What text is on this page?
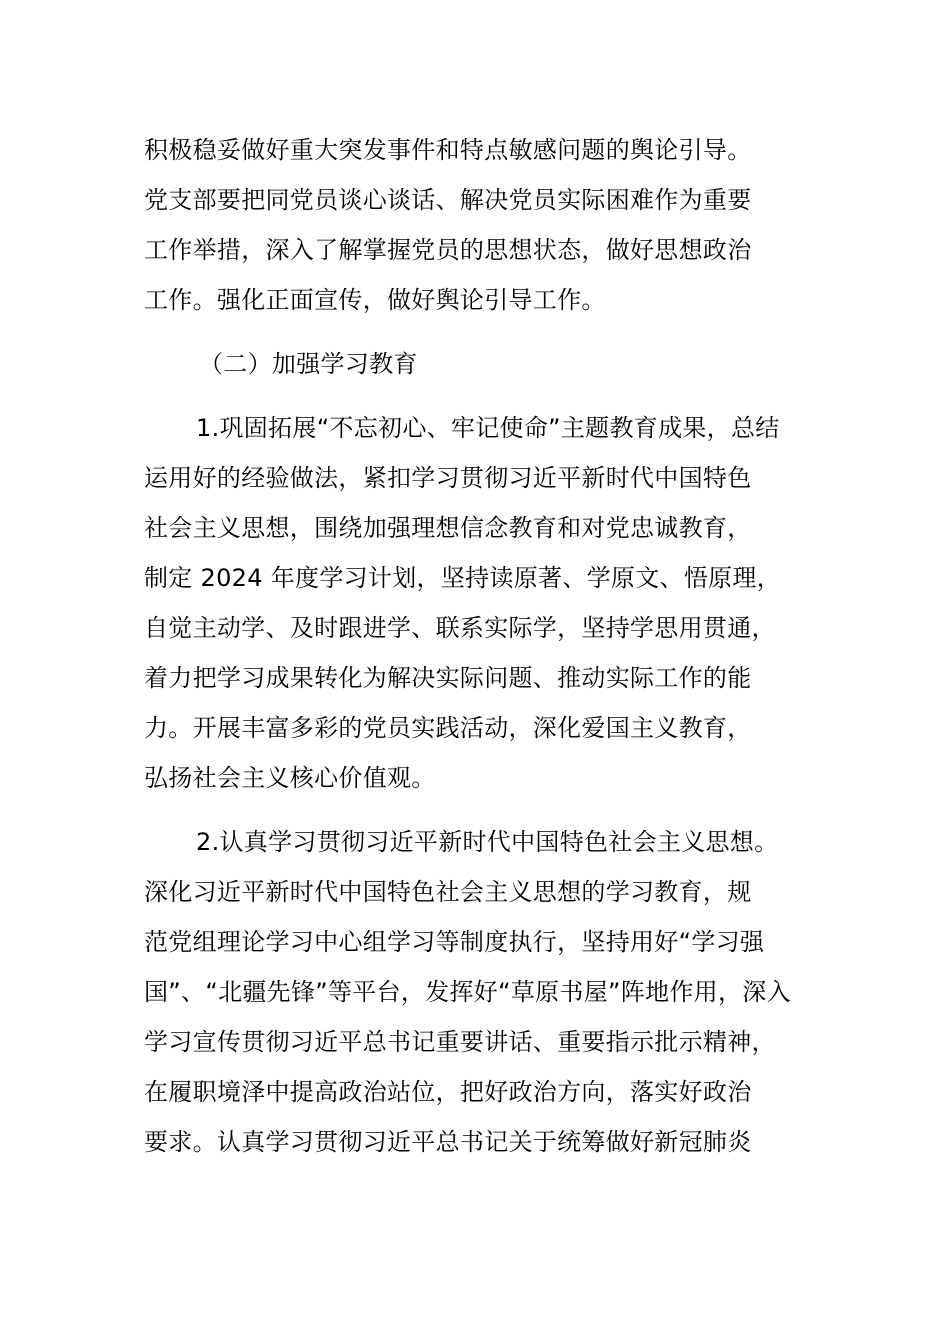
积极稳妥做好重大突发事件和特点敏感问题的舆论引导。
党支部要把同党员谈心谈话、解决党员实际困难作为重要
工作举措，深入了解掌握党员的思想状态，做好思想政治
工作。强化正面宣传，做好舆论引导工作。
（二）加强学习教育
1.巩固拓展“不忘初心、牢记使命”主题教育成果，总结
运用好的经验做法，紧扣学习贯彻习近平新时代中国特色
社会主义思想，围绕加强理想信念教育和对党忠诚教育，
制定 2024 年度学习计划，坚持读原著、学原文、悟原理，
自觉主动学、及时跟进学、联系实际学，坚持学思用贯通，
着力把学习成果转化为解决实际问题、推动实际工作的能
力。开展丰富多彩的党员实践活动，深化爱国主义教育，
弘扬社会主义核心价值观。
2.认真学习贯彻习近平新时代中国特色社会主义思想。
深化习近平新时代中国特色社会主义思想的学习教育，规
范党组理论学习中心组学习等制度执行，坚持用好“学习强
国”、“北疆先锋”等平台，发挥好“草原书屋”阵地作用，深入
学习宣传贯彻习近平总书记重要讲话、重要指示批示精神，
在履职境泽中提高政治站位，把好政治方向，落实好政治
要求。认真学习贯彻习近平总书记关于统筹做好新冠肺炎
